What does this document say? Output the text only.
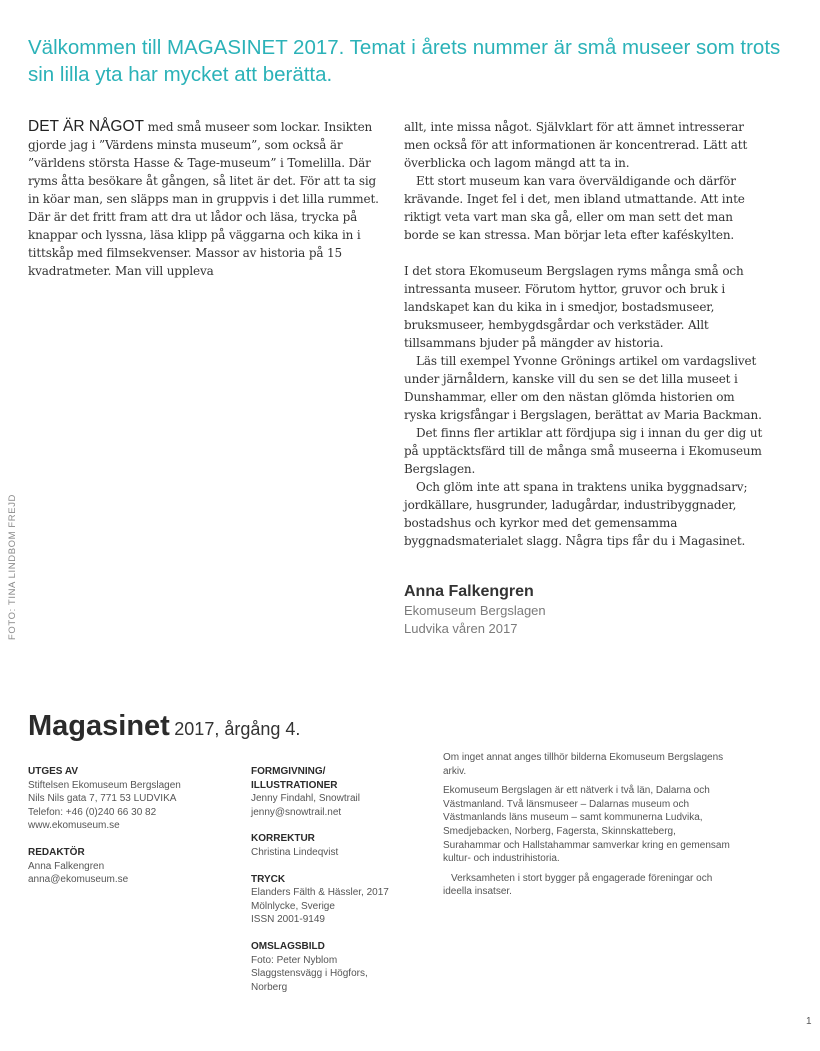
Välkommen till MAGASINET 2017. Temat i årets nummer är små museer som trots sin lilla yta har mycket att berätta.

DET ÄR NÅGOT med små museer som lockar. Insikten gjorde jag i ”Värdens minsta museum”, som också är ”världens största Hasse & Tage-museum” i Tomelilla. Där ryms åtta besökare åt gången, så litet är det. För att ta sig in köar man, sen släpps man in gruppvis i det lilla rummet. Där är det fritt fram att dra ut lådor och läsa, trycka på knappar och lyssna, läsa klipp på väggarna och kika in i tittskåp med filmsekvenser. Massor av historia på 15 kvadratmeter. Man vill uppleva

allt, inte missa något. Självklart för att ämnet intresserar men också för att informationen är koncentrerad. Lätt att överblicka och lagom mängd att ta in.

Ett stort museum kan vara överväldigande och därför krävande. Inget fel i det, men ibland utmattande. Att inte riktigt veta vart man ska gå, eller om man sett det man borde se kan stressa. Man börjar leta efter kaféskylten.

I det stora Ekomuseum Bergslagen ryms många små och intressanta museer. Förutom hyttor, gruvor och bruk i landskapet kan du kika in i smedjor, bostadsmuseer, bruksmuseer, hembygdsgårdar och verkstäder. Allt tillsammans bjuder på mängder av historia.

Läs till exempel Yvonne Grönings artikel om vardagslivet under järnåldern, kanske vill du sen se det lilla museet i Dunshammar, eller om den nästan glömda historien om ryska krigsfångar i Bergslagen, berättat av Maria Backman.

Det finns fler artiklar att fördjupa sig i innan du ger dig ut på upptäcktsfärd till de många små museerna i Ekomuseum Bergslagen.

Och glöm inte att spana in traktens unika byggnadsarv; jordkällare, husgrunder, ladugårdar, industribyggnader, bostadshus och kyrkor med det gemensamma byggnadsmaterialet slagg. Några tips får du i Magasinet.

Anna Falkengren
Ekomuseum Bergslagen
Ludvika våren 2017
FOTO: TINA LINDBOM FREJD
Magasinet 2017, årgång 4.
UTGES AV
Stiftelsen Ekomuseum Bergslagen
Nils Nils gata 7, 771 53 LUDVIKA
Telefon: +46 (0)240 66 30 82
www.ekomuseum.se
REDAKTÖR
Anna Falkengren
anna@ekomuseum.se
FORMGIVNING/
ILLUSTRATIONER
Jenny Findahl, Snowtrail
jenny@snowtrail.net
KORREKTUR
Christina Lindeqvist
TRYCK
Elanders Fälth & Hässler, 2017
Mölnlycke, Sverige
ISSN 2001-9149
OMSLAGSBILD
Foto: Peter Nyblom
Slaggstensvägg i Högfors,
Norberg

Om inget annat anges tillhör bilderna Ekomuseum Bergslagens arkiv.

Ekomuseum Bergslagen är ett nätverk i två län, Dalarna och Västmanland. Två länsmuseer – Dalarnas museum och Västmanlands läns museum – samt kommunerna Ludvika, Smedjebacken, Norberg, Fagersta, Skinnskatteberg, Surahammar och Hallstahammar samverkar kring en gemensam kultur- och industrihistoria.

Verksamheten i stort bygger på engagerade föreningar och ideella insatser.

1
